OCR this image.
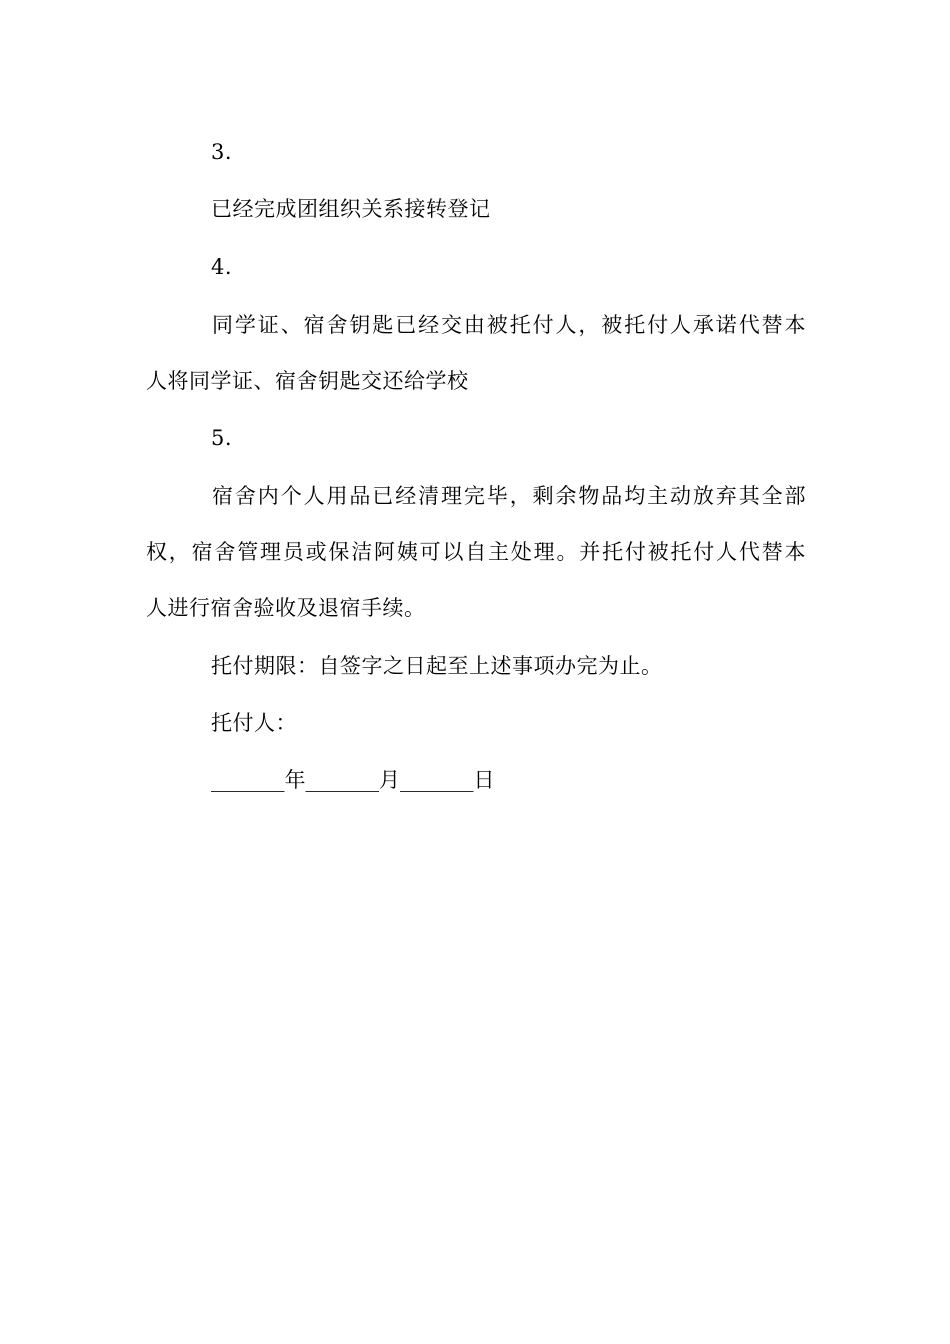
3.
已经完成团组织关系接转登记
4.
同学证、宿舍钥匙已经交由被托付人，被托付人承诺代替本
人将同学证、宿舍钥匙交还给学校
5.
宿舍内个人用品已经清理完毕，剩余物品均主动放弃其全部
权，宿舍管理员或保洁阿姨可以自主处理。并托付被托付人代替本
人进行宿舍验收及退宿手续。
托付期限：自签字之日起至上述事项办完为止。
托付人：
_______年_______月_______日
